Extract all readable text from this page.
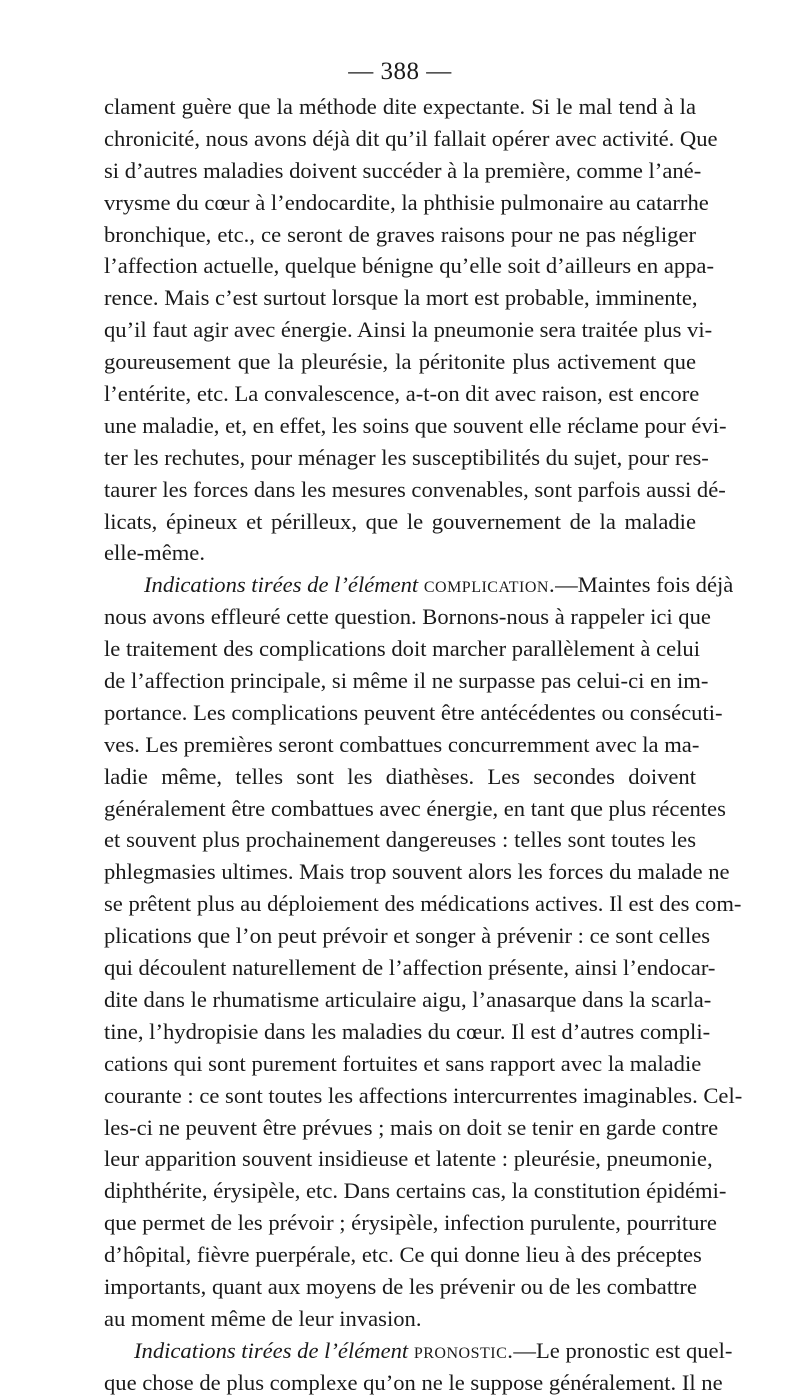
— 388 —
clament guère que la méthode dite expectante. Si le mal tend à la
chronicité, nous avons déjà dit qu’il fallait opérer avec activité. Que
si d’autres maladies doivent succéder à la première, comme l’ané-
vrysme du cœur à l’endocardite, la phthisie pulmonaire au catarrhe
bronchique, etc., ce seront de graves raisons pour ne pas négliger
l’affection actuelle, quelque bénigne qu’elle soit d’ailleurs en appa-
rence. Mais c’est surtout lorsque la mort est probable, imminente,
qu’il faut agir avec énergie. Ainsi la pneumonie sera traitée plus vi-
goureusement que la pleurésie, la péritonite plus activement que
l’entérite, etc. La convalescence, a-t-on dit avec raison, est encore
une maladie, et, en effet, les soins que souvent elle réclame pour évi-
ter les rechutes, pour ménager les susceptibilités du sujet, pour res-
taurer les forces dans les mesures convenables, sont parfois aussi dé-
licats, épineux et périlleux, que le gouvernement de la maladie
elle-même.
Indications tirées de l’élément complication.—Maintes fois déjà
nous avons effleuré cette question. Bornons-nous à rappeler ici que
le traitement des complications doit marcher parallèlement à celui
de l’affection principale, si même il ne surpasse pas celui-ci en im-
portance. Les complications peuvent être antécédentes ou consécuti-
ves. Les premières seront combattues concurremment avec la ma-
ladie même, telles sont les diathèses. Les secondes doivent
généralement être combattues avec énergie, en tant que plus récentes
et souvent plus prochainement dangereuses : telles sont toutes les
phlegmasies ultimes. Mais trop souvent alors les forces du malade ne
se prêtent plus au déploiement des médications actives. Il est des com-
plications que l’on peut prévoir et songer à prévenir : ce sont celles
qui découlent naturellement de l’affection présente, ainsi l’endocar-
dite dans le rhumatisme articulaire aigu, l’anasarque dans la scarla-
tine, l’hydropisie dans les maladies du cœur. Il est d’autres compli-
cations qui sont purement fortuites et sans rapport avec la maladie
courante : ce sont toutes les affections intercurrentes imaginables. Cel-
les-ci ne peuvent être prévues ; mais on doit se tenir en garde contre
leur apparition souvent insidieuse et latente : pleurésie, pneumonie,
diphthérite, érysipèle, etc. Dans certains cas, la constitution épidémi-
que permet de les prévoir ; érysipèle, infection purulente, pourriture
d’hôpital, fièvre puerpérale, etc. Ce qui donne lieu à des préceptes
importants, quant aux moyens de les prévenir ou de les combattre
au moment même de leur invasion.
Indications tirées de l’élément pronostic.—Le pronostic est quel-
que chose de plus complexe qu’on ne le suppose généralement. Il ne
